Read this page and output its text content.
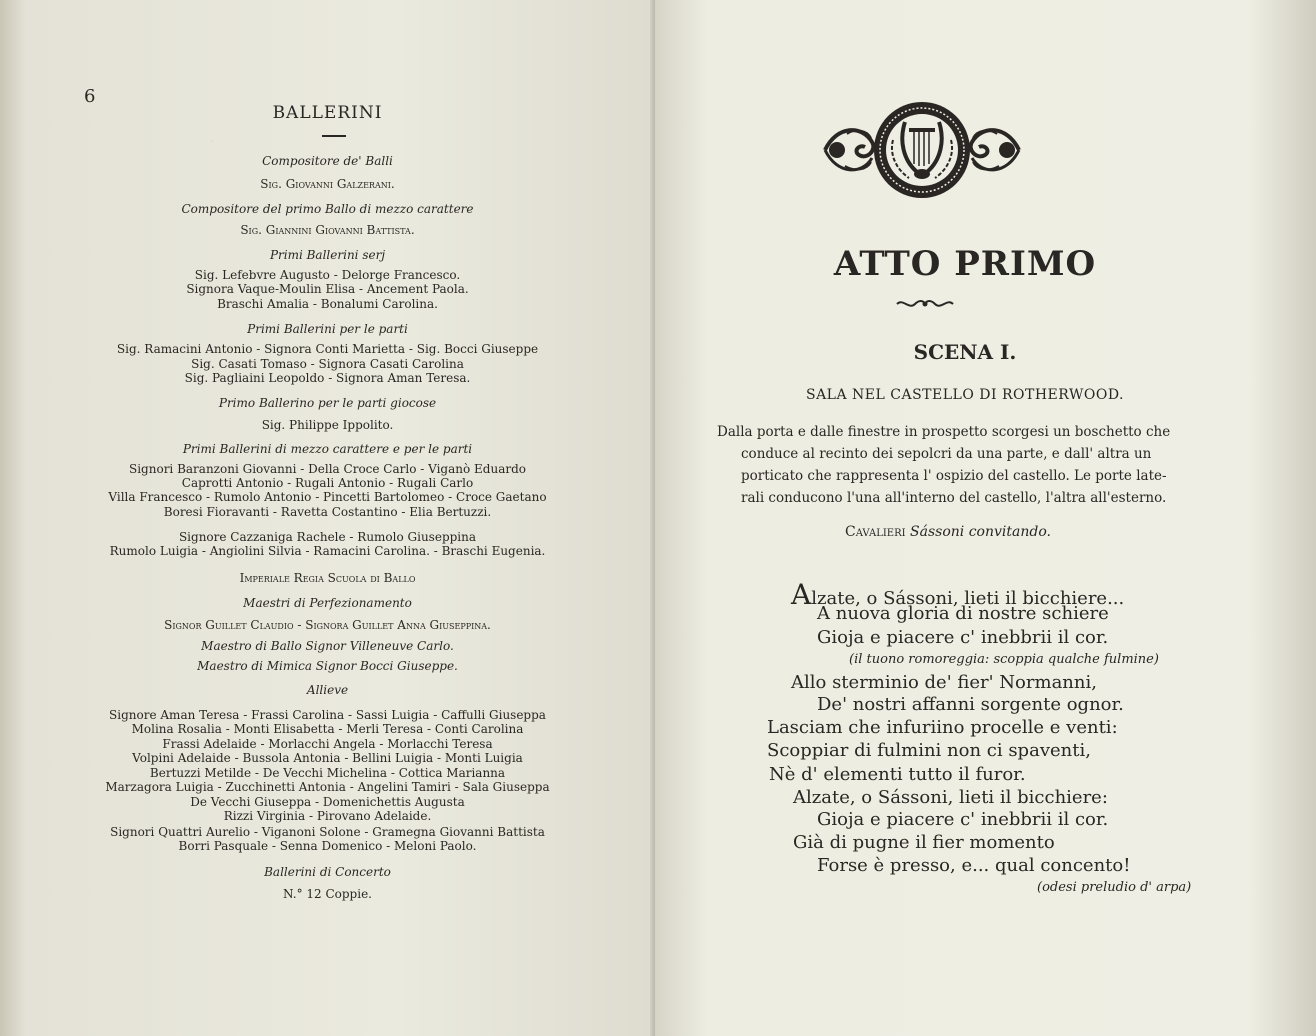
·
6
BALLERINI
Compositore de' Balli
Sig. Giovanni Galzerani.
Compositore del primo Ballo di mezzo carattere
Sig. Giannini Giovanni Battista.
Primi Ballerini serj
Sig. Lefebvre Augusto - Delorge Francesco.
Signora Vaque-Moulin Elisa - Ancement Paola.
Braschi Amalia - Bonalumi Carolina.
Primi Ballerini per le parti
Sig. Ramacini Antonio - Signora Conti Marietta - Sig. Bocci Giuseppe
Sig. Casati Tomaso - Signora Casati Carolina
Sig. Pagliaini Leopoldo - Signora Aman Teresa.
Primo Ballerino per le parti giocose
Sig. Philippe Ippolito.
Primi Ballerini di mezzo carattere e per le parti
Signori Baranzoni Giovanni - Della Croce Carlo - Viganò Eduardo
Caprotti Antonio - Rugali Antonio - Rugali Carlo
Villa Francesco - Rumolo Antonio - Pincetti Bartolomeo - Croce Gaetano
Boresi Fioravanti - Ravetta Costantino - Elia Bertuzzi.
Signore Cazzaniga Rachele - Rumolo Giuseppina
Rumolo Luigia - Angiolini Silvia - Ramacini Carolina. - Braschi Eugenia.
Imperiale Regia Scuola di Ballo
Maestri di Perfezionamento
Signor Guillet Claudio - Signora Guillet Anna Giuseppina.
Maestro di Ballo Signor Villeneuve Carlo.
Maestro di Mimica Signor Bocci Giuseppe.
Allieve
Signore Aman Teresa - Frassi Carolina - Sassi Luigia - Caffulli Giuseppa
Molina Rosalia - Monti Elisabetta - Merli Teresa - Conti Carolina
Frassi Adelaide - Morlacchi Angela - Morlacchi Teresa
Volpini Adelaide - Bussola Antonia - Bellini Luigia - Monti Luigia
Bertuzzi Metilde - De Vecchi Michelina - Cottica Marianna
Marzagora Luigia - Zucchinetti Antonia - Angelini Tamiri - Sala Giuseppa
De Vecchi Giuseppa - Domenichettis Augusta
Rizzi Virginia - Pirovano Adelaide.
Signori Quattri Aurelio - Viganoni Solone - Gramegna Giovanni Battista
Borri Pasquale - Senna Domenico - Meloni Paolo.
Ballerini di Concerto
N.° 12 Coppie.
ATTO PRIMO
SCENA I.
SALA NEL CASTELLO DI ROTHERWOOD.
Dalla porta e dalle finestre in prospetto scorgesi un boschetto che
conduce al recinto dei sepolcri da una parte, e dall' altra un
porticato che rappresenta l' ospizio del castello. Le porte late-
rali conducono l'una all'interno del castello, l'altra all'esterno.
Cavalieri Sássoni convitando.
Alzate, o Sássoni, lieti il bicchiere...
A nuova gloria di nostre schiere
Gioja e piacere c' inebbrii il cor.
(il tuono romoreggia: scoppia qualche fulmine)
Allo sterminio de' fier' Normanni,
De' nostri affanni sorgente ognor.
Lasciam che infuriino procelle e venti:
Scoppiar di fulmini non ci spaventi,
Nè d' elementi tutto il furor.
Alzate, o Sássoni, lieti il bicchiere:
Gioja e piacere c' inebbrii il cor.
Già di pugne il fier momento
Forse è presso, e... qual concento!
(odesi preludio d' arpa)
